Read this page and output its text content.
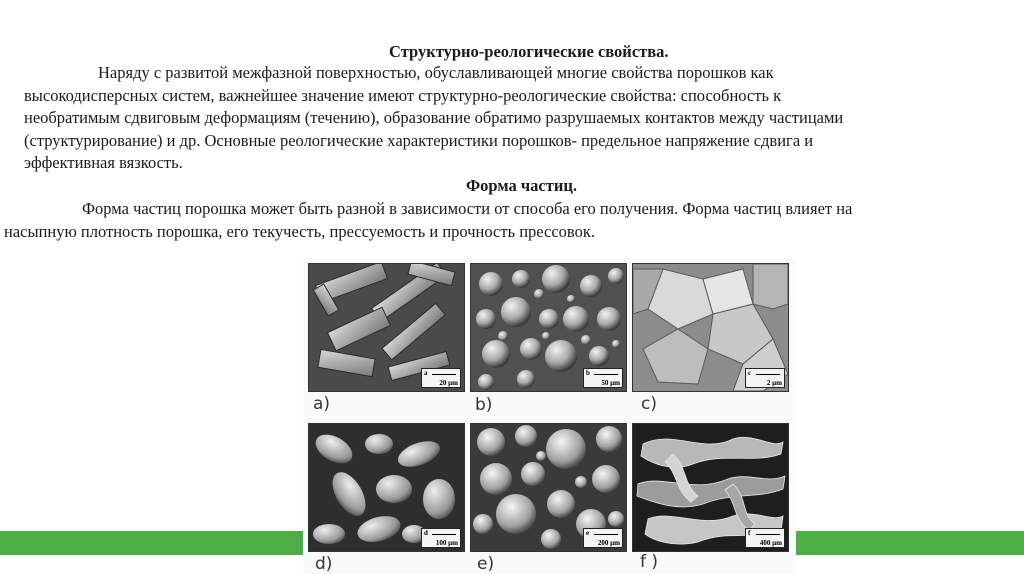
Структурно-реологические свойства.
Наряду с развитой межфазной поверхностью, обуславливающей многие свойства порошков как
высокодисперсных систем, важнейшее значение имеют структурно-реологические свойства: способность к
необратимым сдвиговым деформациям (течению), образование обратимо разрушаемых контактов между частицами
(структурирование) и др. Основные реологические характеристики порошков- предельное напряжение сдвига и
эффективная вязкость.
Форма частиц.
Форма частиц порошка может быть разной в зависимости от способа его получения. Форма частиц влияет на
насыпную плотность порошка, его текучесть, прессуемость и прочность прессовок.
a
20 µm
b
50 µm
c
2 µm
d
100 µm
e
200 µm
f
400 µm
a)	b)	c)
d)	e)	f )
